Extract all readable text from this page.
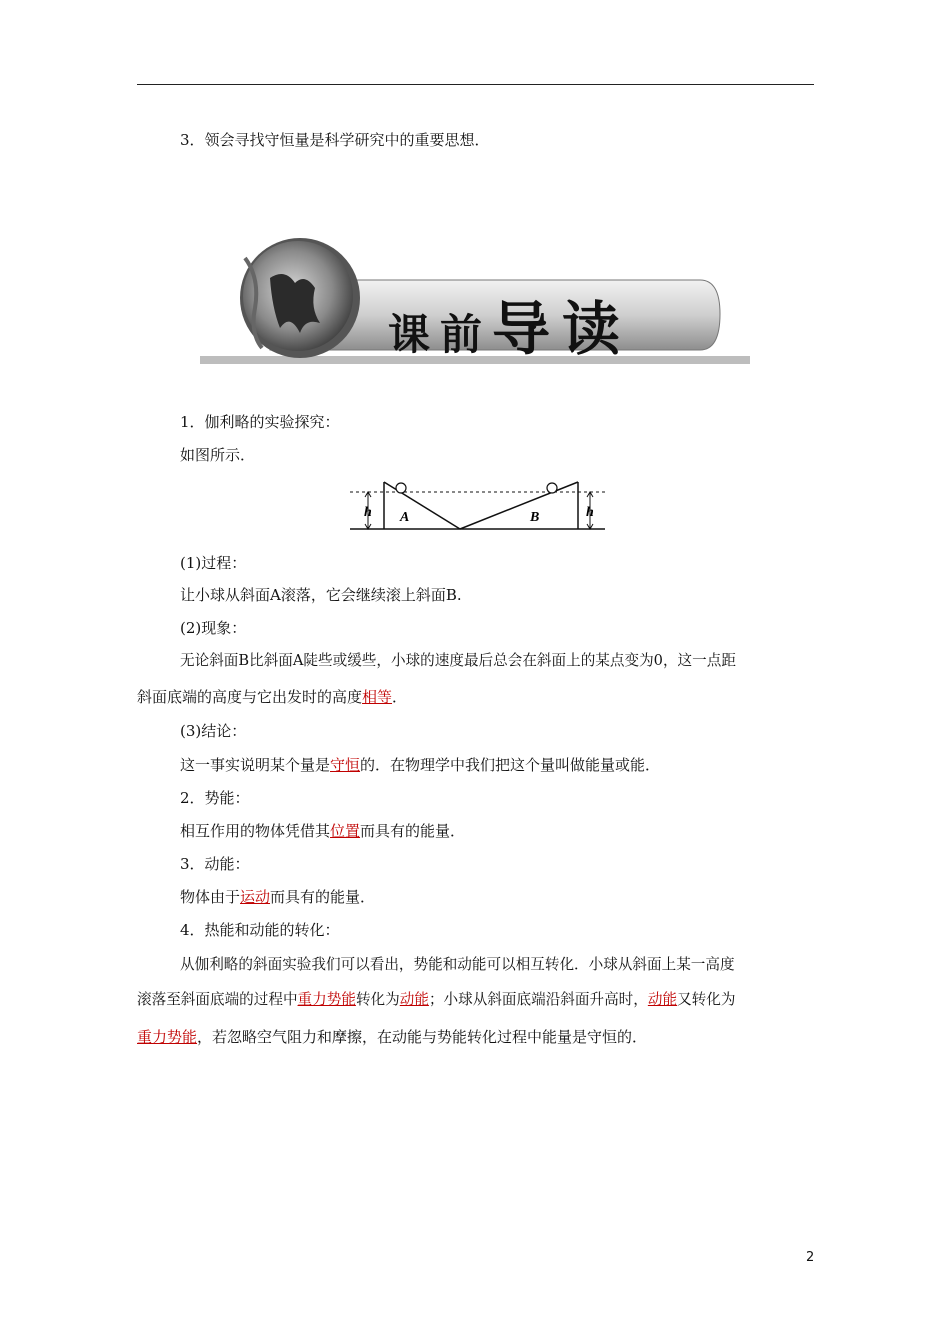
3．领会寻找守恒量是科学研究中的重要思想．
课前导读
1．伽利略的实验探究：
如图所示．
h	h
A	B
(1)过程：
让小球从斜面A滚落，它会继续滚上斜面B.
(2)现象：
无论斜面B比斜面A陡些或缓些，小球的速度最后总会在斜面上的某点变为0，这一点距
斜面底端的高度与它出发时的高度相等．
(3)结论：
这一事实说明某个量是守恒的．在物理学中我们把这个量叫做能量或能．
2．势能：
相互作用的物体凭借其位置而具有的能量．
3．动能：
物体由于运动而具有的能量．
4．热能和动能的转化：
从伽利略的斜面实验我们可以看出，势能和动能可以相互转化．小球从斜面上某一高度
滚落至斜面底端的过程中重力势能转化为动能；小球从斜面底端沿斜面升高时，动能又转化为
重力势能，若忽略空气阻力和摩擦，在动能与势能转化过程中能量是守恒的．
2
